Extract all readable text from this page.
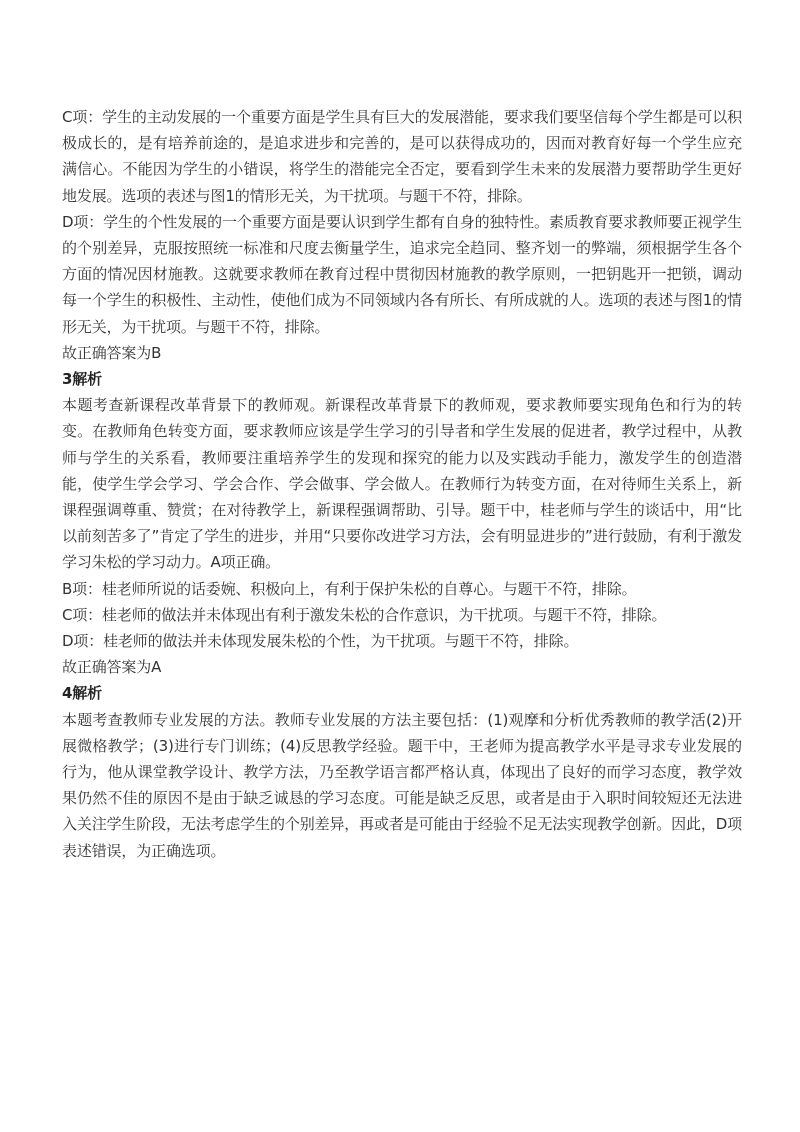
C项：学生的主动发展的一个重要方面是学生具有巨大的发展潜能，要求我们要坚信每个学生都是可以积极成长的，是有培养前途的，是追求进步和完善的，是可以获得成功的，因而对教育好每一个学生应充满信心。不能因为学生的小错误，将学生的潜能完全否定，要看到学生未来的发展潜力要帮助学生更好地发展。选项的表述与图1的情形无关，为干扰项。与题干不符，排除。

D项：学生的个性发展的一个重要方面是要认识到学生都有自身的独特性。素质教育要求教师要正视学生的个别差异，克服按照统一标准和尺度去衡量学生，追求完全趋同、整齐划一的弊端，须根据学生各个方面的情况因材施教。这就要求教师在教育过程中贯彻因材施教的教学原则，一把钥匙开一把锁，调动每一个学生的积极性、主动性，使他们成为不同领域内各有所长、有所成就的人。选项的表述与图1的情形无关，为干扰项。与题干不符，排除。

故正确答案为B

3解析

本题考查新课程改革背景下的教师观。新课程改革背景下的教师观，要求教师要实现角色和行为的转变。在教师角色转变方面，要求教师应该是学生学习的引导者和学生发展的促进者，教学过程中，从教师与学生的关系看，教师要注重培养学生的发现和探究的能力以及实践动手能力，激发学生的创造潜能，使学生学会学习、学会合作、学会做事、学会做人。在教师行为转变方面，在对待师生关系上，新课程强调尊重、赞赏；在对待教学上，新课程强调帮助、引导。题干中，桂老师与学生的谈话中，用“比以前刻苦多了”肯定了学生的进步，并用“只要你改进学习方法，会有明显进步的”进行鼓励，有利于激发学习朱松的学习动力。A项正确。

B项：桂老师所说的话委婉、积极向上，有利于保护朱松的自尊心。与题干不符，排除。

C项：桂老师的做法并未体现出有利于激发朱松的合作意识，为干扰项。与题干不符，排除。

D项：桂老师的做法并未体现发展朱松的个性，为干扰项。与题干不符，排除。

故正确答案为A

4解析

本题考查教师专业发展的方法。教师专业发展的方法主要包括：(1)观摩和分析优秀教师的教学活(2)开展微格教学；(3)进行专门训练；(4)反思教学经验。题干中，王老师为提高教学水平是寻求专业发展的行为，他从课堂教学设计、教学方法，乃至教学语言都严格认真，体现出了良好的而学习态度，教学效果仍然不佳的原因不是由于缺乏诚恳的学习态度。可能是缺乏反思，或者是由于入职时间较短还无法进入关注学生阶段，无法考虑学生的个别差异，再或者是可能由于经验不足无法实现教学创新。因此，D项表述错误，为正确选项。
